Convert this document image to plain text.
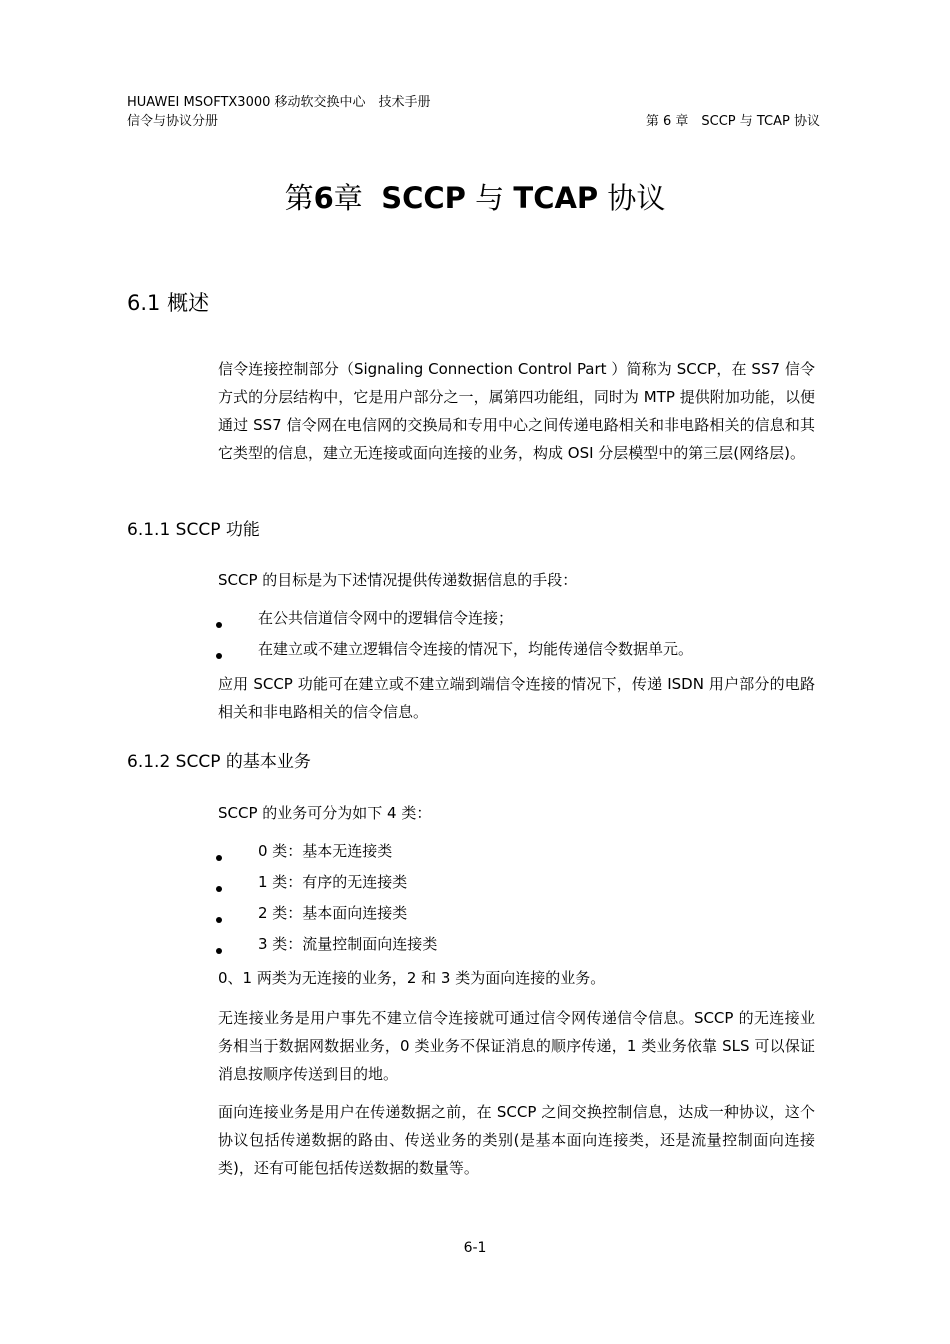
HUAWEI MSOFTX3000 移动软交换中心　技术手册
信令与协议分册	第 6 章　SCCP 与 TCAP 协议
第6章 SCCP 与 TCAP 协议
6.1 概述

信令连接控制部分（Signaling Connection Control Part ）简称为 SCCP，在 SS7 信令方式的分层结构中，它是用户部分之一，属第四功能组，同时为 MTP 提供附加功能，以便通过 SS7 信令网在电信网的交换局和专用中心之间传递电路相关和非电路相关的信息和其它类型的信息，建立无连接或面向连接的业务，构成 OSI 分层模型中的第三层(网络层)。

6.1.1 SCCP 功能
SCCP 的目标是为下述情况提供传递数据信息的手段：
在公共信道信令网中的逻辑信令连接；
在建立或不建立逻辑信令连接的情况下，均能传递信令数据单元。

应用 SCCP 功能可在建立或不建立端到端信令连接的情况下，传递 ISDN 用户部分的电路相关和非电路相关的信令信息。

6.1.2 SCCP 的基本业务
SCCP 的业务可分为如下 4 类：
0 类：基本无连接类
1 类：有序的无连接类
2 类：基本面向连接类
3 类：流量控制面向连接类
0、1 两类为无连接的业务，2 和 3 类为面向连接的业务。

无连接业务是用户事先不建立信令连接就可通过信令网传递信令信息。SCCP 的无连接业务相当于数据网数据业务，0 类业务不保证消息的顺序传递，1 类业务依靠 SLS 可以保证消息按顺序传送到目的地。

面向连接业务是用户在传递数据之前，在 SCCP 之间交换控制信息，达成一种协议，这个协议包括传递数据的路由、传送业务的类别(是基本面向连接类，还是流量控制面向连接类)，还有可能包括传送数据的数量等。

6-1
